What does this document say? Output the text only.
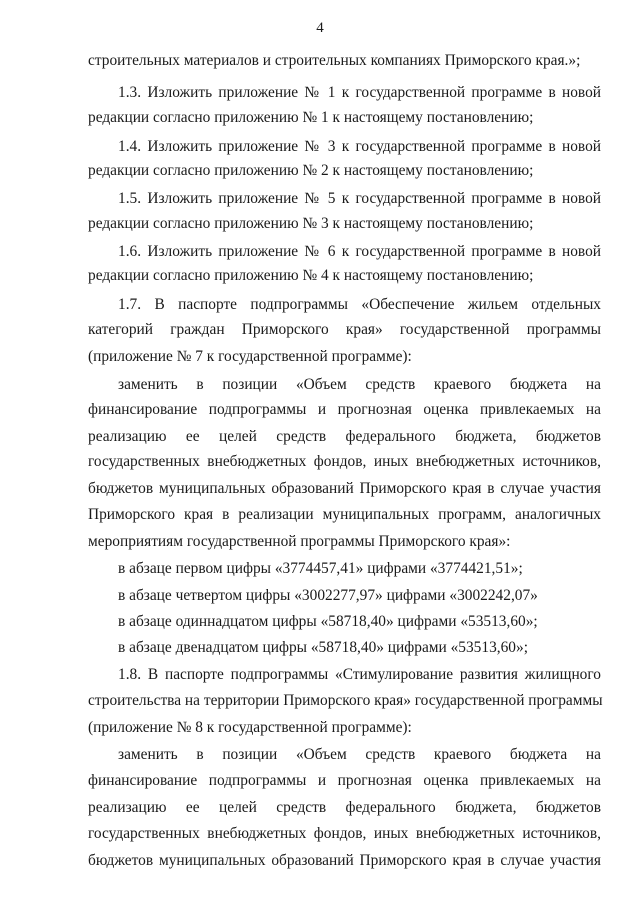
4
строительных материалов и строительных компаниях Приморского края.»;
1.3. Изложить приложение № 1 к государственной программе в новой
редакции согласно приложению № 1 к настоящему постановлению;
1.4. Изложить приложение № 3 к государственной программе в новой
редакции согласно приложению № 2 к настоящему постановлению;
1.5. Изложить приложение № 5 к государственной программе в новой
редакции согласно приложению № 3 к настоящему постановлению;
1.6. Изложить приложение № 6 к государственной программе в новой
редакции согласно приложению № 4 к настоящему постановлению;
1.7. В паспорте подпрограммы «Обеспечение жильем отдельных
категорий граждан Приморского края» государственной программы
(приложение № 7 к государственной программе):
заменить в позиции «Объем средств краевого бюджета на
финансирование подпрограммы и прогнозная оценка привлекаемых на
реализацию ее целей средств федерального бюджета, бюджетов
государственных внебюджетных фондов, иных внебюджетных источников,
бюджетов муниципальных образований Приморского края в случае участия
Приморского края в реализации муниципальных программ, аналогичных
мероприятиям государственной программы Приморского края»:
в абзаце первом цифры «3774457,41» цифрами «3774421,51»;
в абзаце четвертом цифры «3002277,97» цифрами «3002242,07»
в абзаце одиннадцатом цифры «58718,40» цифрами «53513,60»;
в абзаце двенадцатом цифры «58718,40» цифрами «53513,60»;
1.8. В паспорте подпрограммы «Стимулирование развития жилищного
строительства на территории Приморского края» государственной программы
(приложение № 8 к государственной программе):
заменить в позиции «Объем средств краевого бюджета на
финансирование подпрограммы и прогнозная оценка привлекаемых на
реализацию ее целей средств федерального бюджета, бюджетов
государственных внебюджетных фондов, иных внебюджетных источников,
бюджетов муниципальных образований Приморского края в случае участия
